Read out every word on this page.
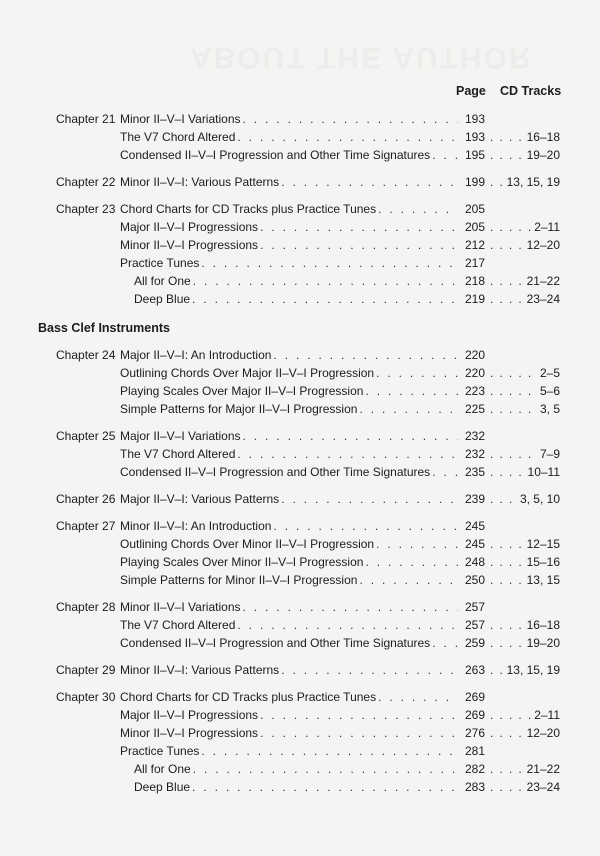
ABOUT THE AUTHOR
Page CD Tracks
Chapter 21 Minor II–V–I Variations . . .	193
The V7 Chord Altered . . .	193 . . .	16–18
Condensed II–V–I Progression and Other Time Signatures . . .	195 . . .	19–20
Chapter 22 Minor II–V–I: Various Patterns . . .	199 . . . 13, 15, 19
Chapter 23 Chord Charts for CD Tracks plus Practice Tunes . . .	205
Major II–V–I Progressions . . .	205 . . .	2–11
Minor II–V–I Progressions . . .	212 . . .	12–20
Practice Tunes . . .	217
All for One . . .	218 . . .	21–22
Deep Blue . . .	219 . . .	23–24
Bass Clef Instruments
Chapter 24 Major II–V–I: An Introduction . . .	220
Outlining Chords Over Major II–V–I Progression . . .	220 . . .	2–5
Playing Scales Over Major II–V–I Progression . . .	223 . . .	5–6
Simple Patterns for Major II–V–I Progression . . .	225 . . .	3, 5
Chapter 25 Major II–V–I Variations . . .	232
The V7 Chord Altered . . .	232 . . .	7–9
Condensed II–V–I Progression and Other Time Signatures . . .	235 . . .	10–11
Chapter 26 Major II–V–I: Various Patterns . . .	239 . . .	3, 5, 10
Chapter 27 Minor II–V–I: An Introduction . . .	245
Outlining Chords Over Minor II–V–I Progression . . .	245 . . .	12–15
Playing Scales Over Minor II–V–I Progression . . .	248 . . .	15–16
Simple Patterns for Minor II–V–I Progression . . .	250 . . .	13, 15
Chapter 28 Minor II–V–I Variations . . .	257
The V7 Chord Altered . . .	257 . . .	16–18
Condensed II–V–I Progression and Other Time Signatures . . .	259 . . .	19–20
Chapter 29 Minor II–V–I: Various Patterns . . .	263 . . . 13, 15, 19
Chapter 30 Chord Charts for CD Tracks plus Practice Tunes . . .	269
Major II–V–I Progressions . . .	269 . . .	2–11
Minor II–V–I Progressions . . .	276 . . .	12–20
Practice Tunes . . .	281
All for One . . .	282 . . .	21–22
Deep Blue . . .	283 . . .	23–24
